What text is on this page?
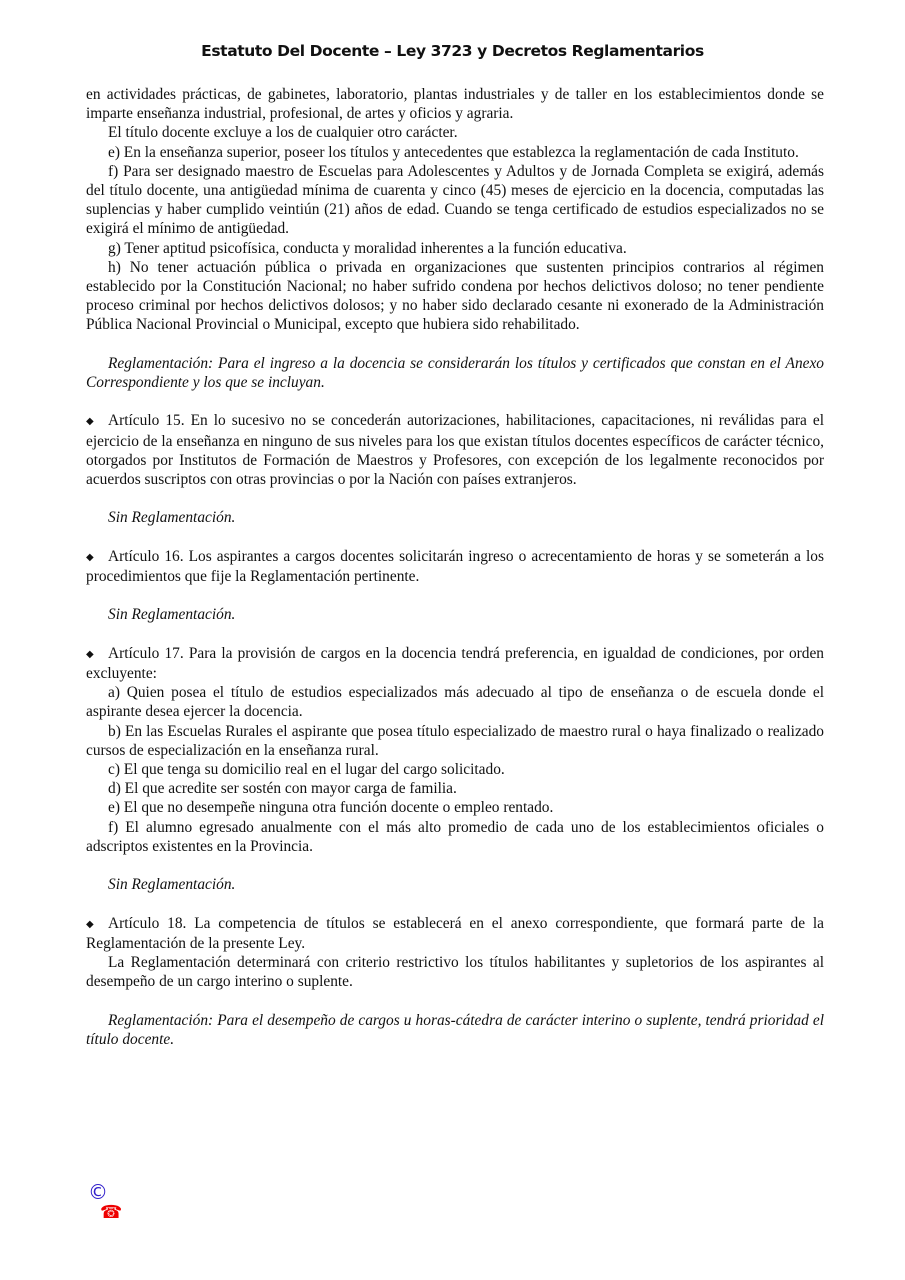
Estatuto Del Docente – Ley 3723 y Decretos Reglamentarios

en actividades prácticas, de gabinetes, laboratorio, plantas industriales y de taller en los establecimientos donde se imparte enseñanza industrial, profesional, de artes y oficios y agraria.

El título docente excluye a los de cualquier otro carácter.

e) En la enseñanza superior, poseer los títulos y antecedentes que establezca la reglamentación de cada Instituto.

f) Para ser designado maestro de Escuelas para Adolescentes y Adultos y de Jornada Completa se exigirá, además del título docente, una antigüedad mínima de cuarenta y cinco (45) meses de ejercicio en la docencia, computadas las suplencias y haber cumplido veintiún (21) años de edad. Cuando se tenga certificado de estudios especializados no se exigirá el mínimo de antigüedad.

g) Tener aptitud psicofísica, conducta y moralidad inherentes a la función educativa.

h) No tener actuación pública o privada en organizaciones que sustenten principios contrarios al régimen establecido por la Constitución Nacional; no haber sufrido condena por hechos delictivos doloso; no tener pendiente proceso criminal por hechos delictivos dolosos; y no haber sido declarado cesante ni exonerado de la Administración Pública Nacional Provincial o Municipal, excepto que hubiera sido rehabilitado.

Reglamentación: Para el ingreso a la docencia se considerarán los títulos y certificados que constan en el Anexo Correspondiente y los que se incluyan.

◆ Artículo 15. En lo sucesivo no se concederán autorizaciones, habilitaciones, capacitaciones, ni reválidas para el ejercicio de la enseñanza en ninguno de sus niveles para los que existan títulos docentes específicos de carácter técnico, otorgados por Institutos de Formación de Maestros y Profesores, con excepción de los legalmente reconocidos por acuerdos suscriptos con otras provincias o por la Nación con países extranjeros.

Sin Reglamentación.

◆ Artículo 16. Los aspirantes a cargos docentes solicitarán ingreso o acrecentamiento de horas y se someterán a los procedimientos que fije la Reglamentación pertinente.

Sin Reglamentación.

◆ Artículo 17. Para la provisión de cargos en la docencia tendrá preferencia, en igualdad de condiciones, por orden excluyente:

a) Quien posea el título de estudios especializados más adecuado al tipo de enseñanza o de escuela donde el aspirante desea ejercer la docencia.

b) En las Escuelas Rurales el aspirante que posea título especializado de maestro rural o haya finalizado o realizado cursos de especialización en la enseñanza rural.

c) El que tenga su domicilio real en el lugar del cargo solicitado.

d) El que acredite ser sostén con mayor carga de familia.

e) El que no desempeñe ninguna otra función docente o empleo rentado.

f) El alumno egresado anualmente con el más alto promedio de cada uno de los establecimientos oficiales o adscriptos existentes en la Provincia.

Sin Reglamentación.

◆ Artículo 18. La competencia de títulos se establecerá en el anexo correspondiente, que formará parte de la Reglamentación de la presente Ley.

La Reglamentación determinará con criterio restrictivo los títulos habilitantes y supletorios de los aspirantes al desempeño de un cargo interino o suplente.

Reglamentación: Para el desempeño de cargos u horas-cátedra de carácter interino o suplente, tendrá prioridad el título docente.

©
☎
